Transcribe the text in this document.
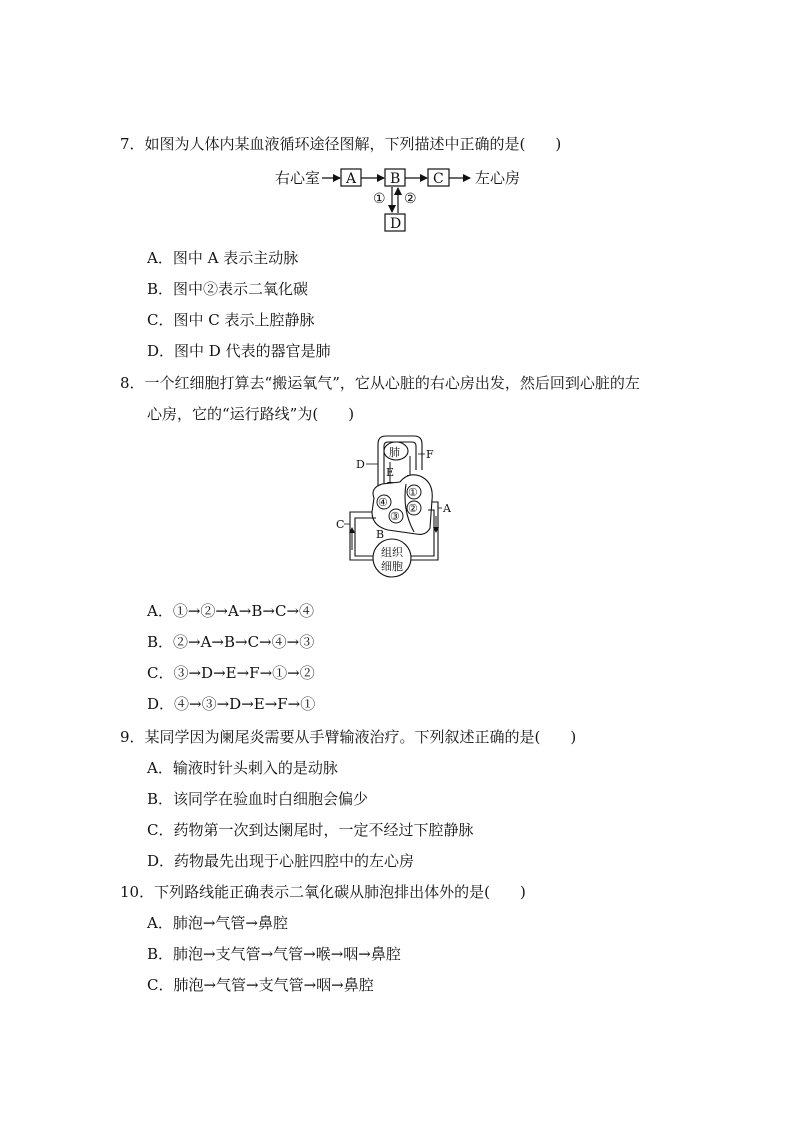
7．如图为人体内某血液循环途径图解，下列描述中正确的是(　　)
右心室 A B C 左心房
① ②
D
A．图中 A 表示主动脉
B．图中②表示二氧化碳
C．图中 C 表示上腔静脉
D．图中 D 代表的器官是肺
8．一个红细胞打算去“搬运氧气”，它从心脏的右心房出发，然后回到心脏的左
心房，它的“运行路线”为(　　)
肺
①
②
④
③
组织
细胞
A
B
C
D
E
F
A．①→②→A→B→C→④
B．②→A→B→C→④→③
C．③→D→E→F→①→②
D．④→③→D→E→F→①
9．某同学因为阑尾炎需要从手臂输液治疗。下列叙述正确的是(　　)
A．输液时针头刺入的是动脉
B．该同学在验血时白细胞会偏少
C．药物第一次到达阑尾时，一定不经过下腔静脉
D．药物最先出现于心脏四腔中的左心房
10．下列路线能正确表示二氧化碳从肺泡排出体外的是(　　)
A．肺泡→气管→鼻腔
B．肺泡→支气管→气管→喉→咽→鼻腔
C．肺泡→气管→支气管→咽→鼻腔
